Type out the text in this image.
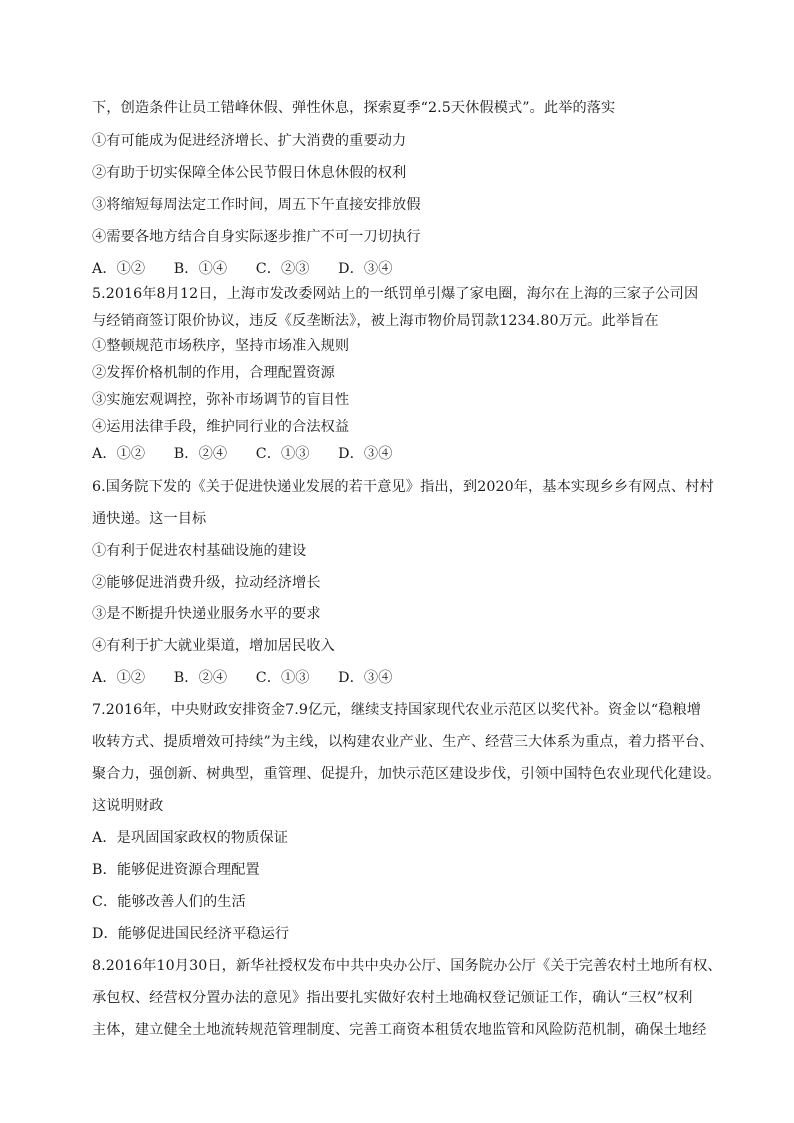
下，创造条件让员工错峰休假、弹性休息，探索夏季“2.5天休假模式”。此举的落实
①有可能成为促进经济增长、扩大消费的重要动力
②有助于切实保障全体公民节假日休息休假的权利
③将缩短每周法定工作时间，周五下午直接安排放假
④需要各地方结合自身实际逐步推广不可一刀切执行
A．①②　　B．①④　　C．②③　　D．③④
5.2016年8月12日，上海市发改委网站上的一纸罚单引爆了家电圈，海尔在上海的三家子公司因
与经销商签订限价协议，违反《反垄断法》，被上海市物价局罚款1234.80万元。此举旨在
①整顿规范市场秩序，坚持市场准入规则
②发挥价格机制的作用，合理配置资源
③实施宏观调控，弥补市场调节的盲目性
④运用法律手段，维护同行业的合法权益
A．①②　　B．②④　　C．①③　　D．③④
6.国务院下发的《关于促进快递业发展的若干意见》指出，到2020年，基本实现乡乡有网点、村村
通快递。这一目标
①有利于促进农村基础设施的建设
②能够促进消费升级，拉动经济增长
③是不断提升快递业服务水平的要求
④有利于扩大就业渠道，增加居民收入
A．①②　　B．②④　　C．①③　　D．③④
7.2016年，中央财政安排资金7.9亿元，继续支持国家现代农业示范区以奖代补。资金以“稳粮增
收转方式、提质增效可持续”为主线，以构建农业产业、生产、经营三大体系为重点，着力搭平台、
聚合力，强创新、树典型，重管理、促提升，加快示范区建设步伐，引领中国特色农业现代化建设。
这说明财政
A．是巩固国家政权的物质保证
B．能够促进资源合理配置
C．能够改善人们的生活
D．能够促进国民经济平稳运行
8.2016年10月30日，新华社授权发布中共中央办公厅、国务院办公厅《关于完善农村土地所有权、
承包权、经营权分置办法的意见》指出要扎实做好农村土地确权登记颁证工作，确认“三权”权利
主体，建立健全土地流转规范管理制度、完善工商资本租赁农地监管和风险防范机制，确保土地经
